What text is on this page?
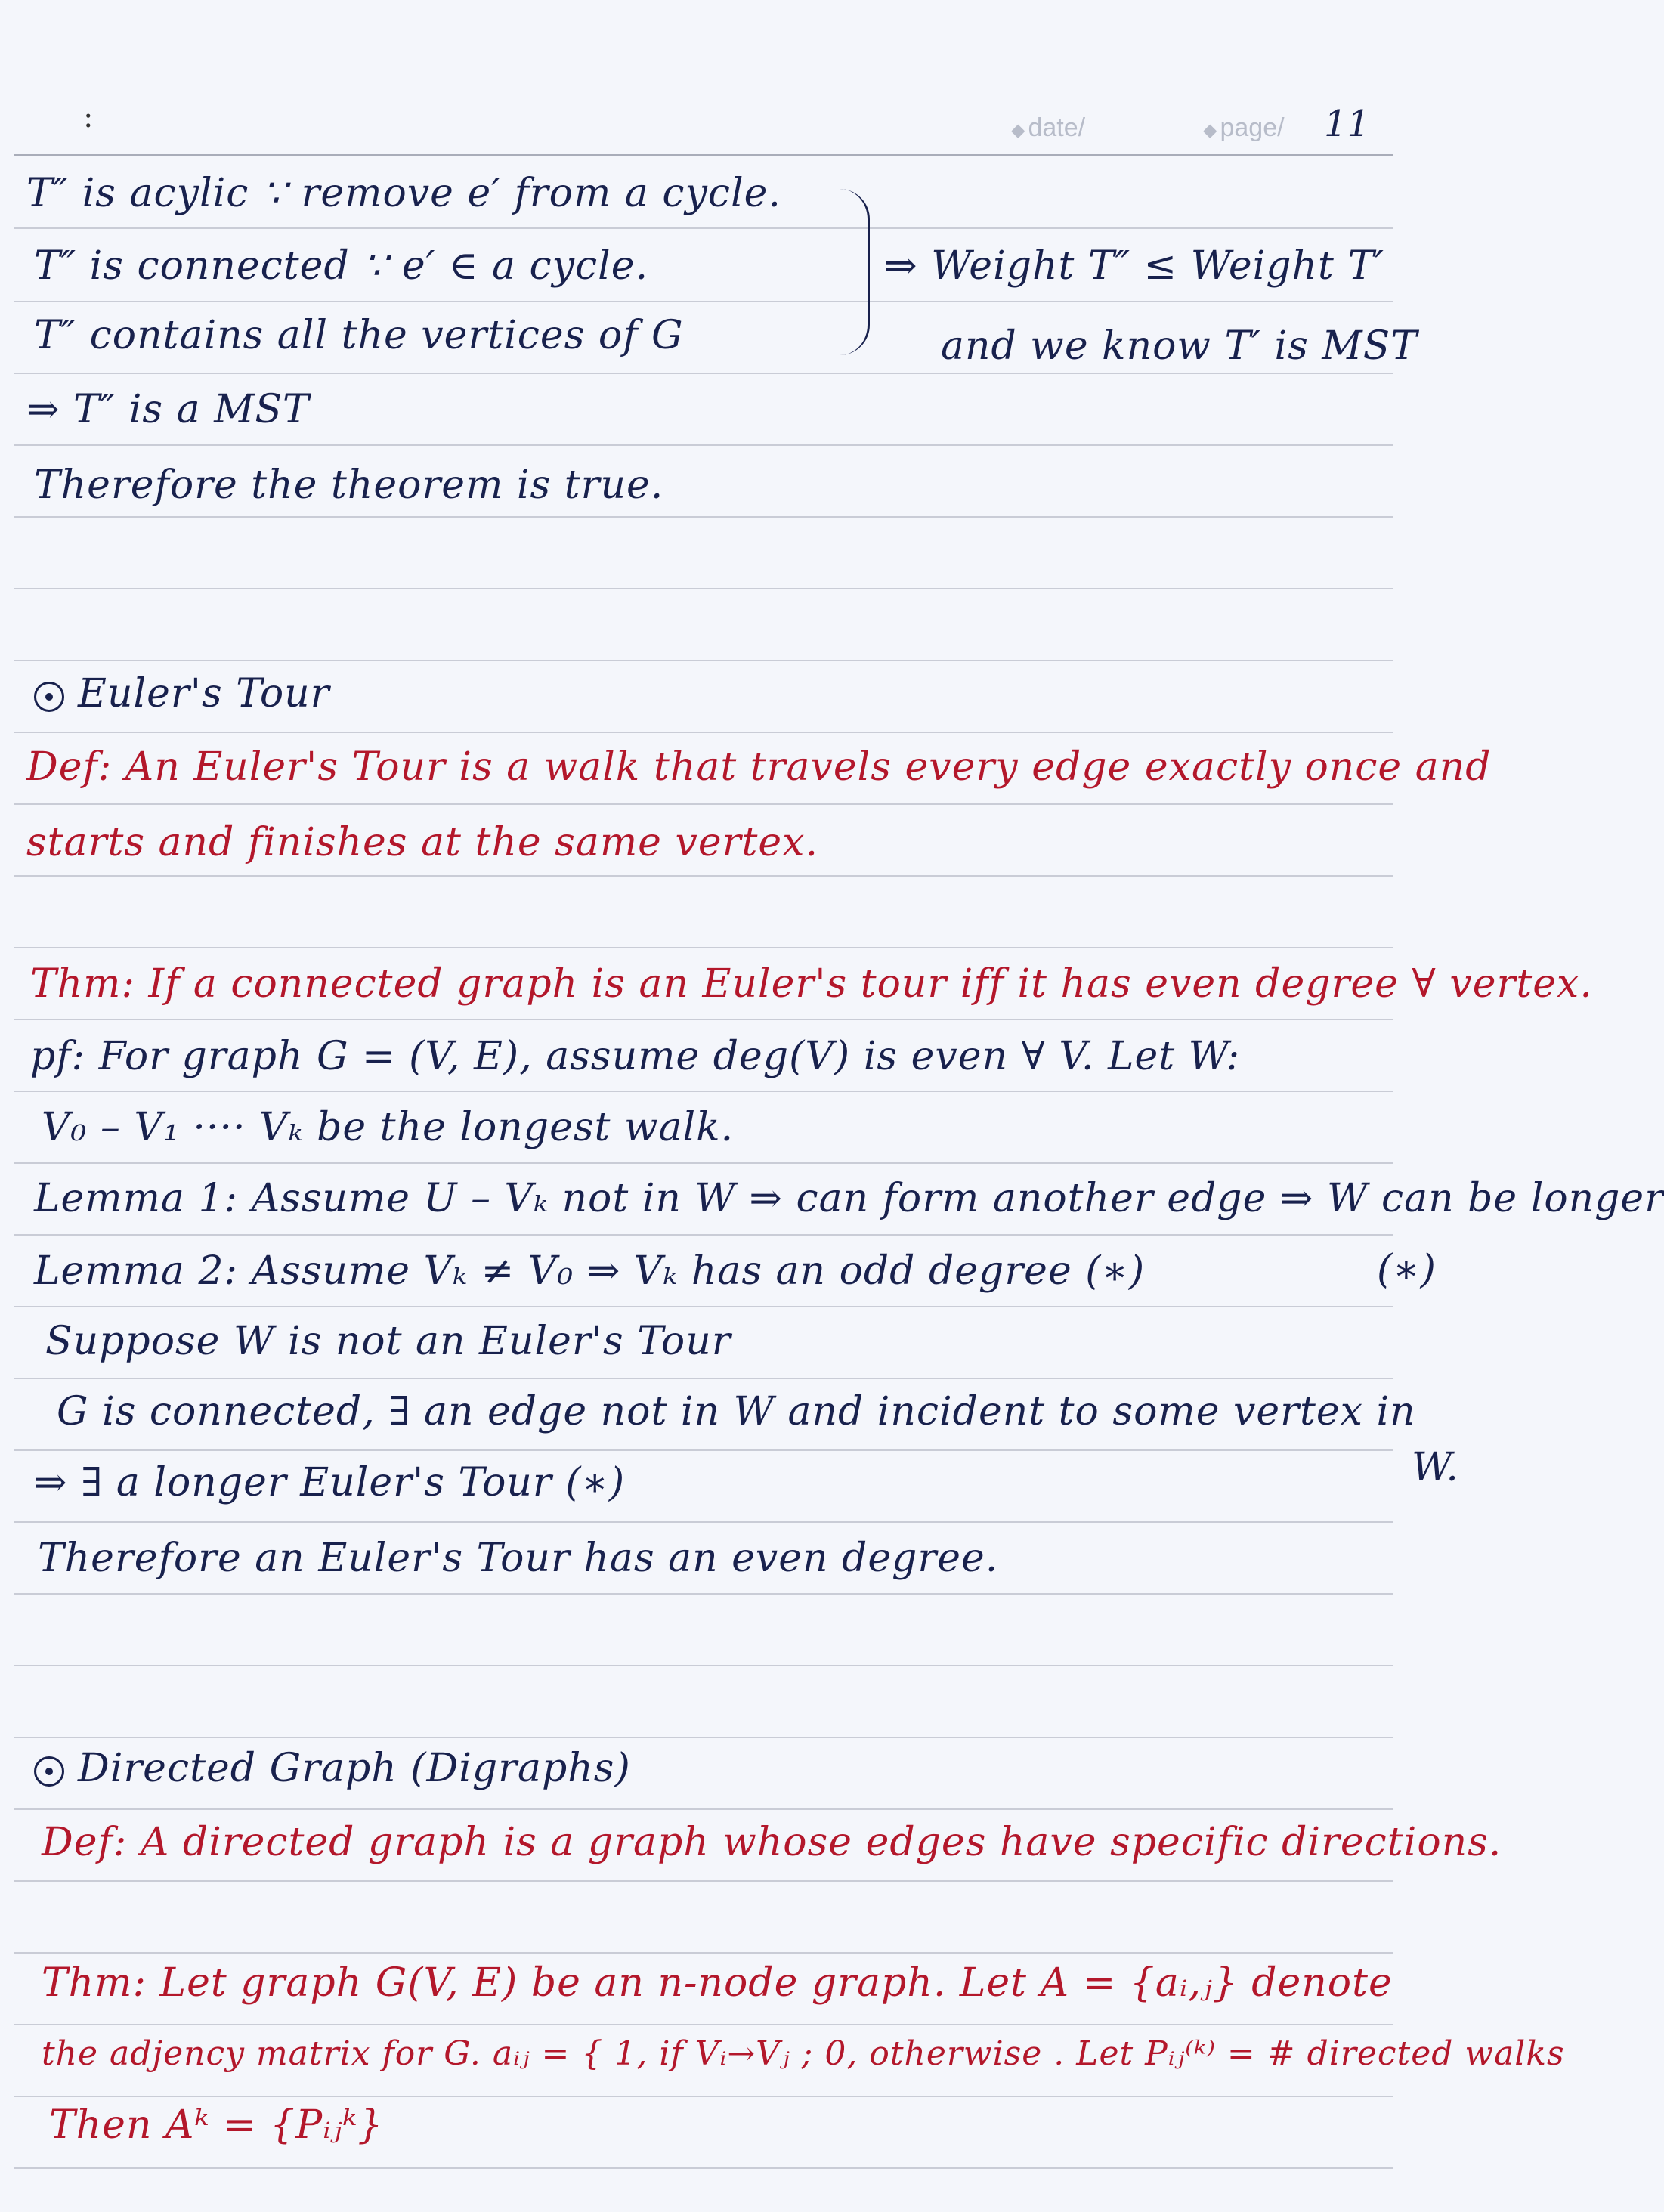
:	◆ date/	◆ page/ 11
T″ is acylic ∵ remove e′ from a cycle.
T″ is connected ∵ e′ ∈ a cycle.
T″ contains all the vertices of G
⇒ Weight T″ ≤ Weight T′
and we know T′ is MST
⇒ T″ is a MST
Therefore the theorem is true.
Euler's Tour
Def: An Euler's Tour is a walk that travels every edge exactly once and
starts and finishes at the same vertex.
Thm: If a connected graph is an Euler's tour iff it has even degree ∀ vertex.
pf: For graph G = (V, E), assume deg(V) is even ∀ V. Let W:
V₀ – V₁ ···· Vₖ be the longest walk.
Lemma 1: Assume U – Vₖ not in W ⇒ can form another edge ⇒ W can be longer
Lemma 2: Assume Vₖ ≠ V₀ ⇒ Vₖ has an odd degree (∗)	(∗)
Suppose W is not an Euler's Tour
G is connected, ∃ an edge not in W and incident to some vertex in
W.
⇒ ∃ a longer Euler's Tour (∗)
Therefore an Euler's Tour has an even degree.
Directed Graph (Digraphs)
Def: A directed graph is a graph whose edges have specific directions.
Thm: Let graph G(V, E) be an n-node graph. Let A = {aᵢ,ⱼ} denote
the adjency matrix for G. aᵢⱼ = { 1, if Vᵢ→Vⱼ ; 0, otherwise . Let Pᵢⱼ⁽ᵏ⁾ = # directed walks
Then Aᵏ = {Pᵢⱼᵏ}
